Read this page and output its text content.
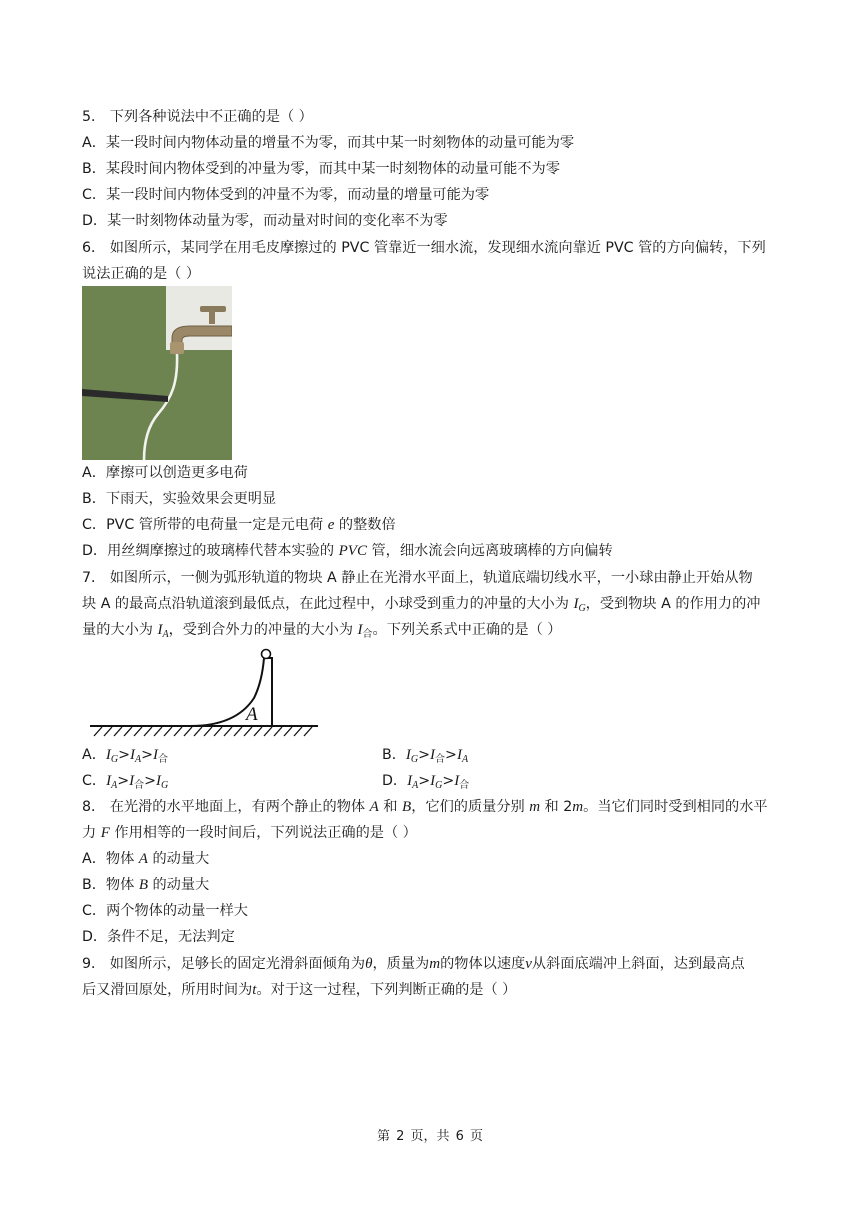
5． 下列各种说法中不正确的是（ ）
A．某一段时间内物体动量的增量不为零，而其中某一时刻物体的动量可能为零
B．某段时间内物体受到的冲量为零，而其中某一时刻物体的动量可能不为零
C．某一段时间内物体受到的冲量不为零，而动量的增量可能为零
D．某一时刻物体动量为零，而动量对时间的变化率不为零
6． 如图所示，某同学在用毛皮摩擦过的 PVC 管靠近一细水流，发现细水流向靠近 PVC 管的方向偏转，下列
说法正确的是（ ）
A．摩擦可以创造更多电荷
B．下雨天，实验效果会更明显
C．PVC 管所带的电荷量一定是元电荷 e 的整数倍
D．用丝绸摩擦过的玻璃棒代替本实验的 PVC 管，细水流会向远离玻璃棒的方向偏转
7． 如图所示，一侧为弧形轨道的物块 A 静止在光滑水平面上，轨道底端切线水平，一小球由静止开始从物
块 A 的最高点沿轨道滚到最低点，在此过程中，小球受到重力的冲量的大小为 $I_G$，受到物块 A 的作用力的冲
量的大小为 $I_A$，受到合外力的冲量的大小为 $I_合$。下列关系式中正确的是（ ）
A
A．$I_G>I_A>I_合$	B．$I_G>I_合>I_A$
C．$I_A>I_合>I_G$	D．$I_A>I_G>I_合$
8． 在光滑的水平地面上，有两个静止的物体 A 和 B，它们的质量分别 m 和 2m。当它们同时受到相同的水平
力 F 作用相等的一段时间后，下列说法正确的是（ ）
A．物体 A 的动量大
B．物体 B 的动量大
C．两个物体的动量一样大
D．条件不足，无法判定
9． 如图所示，足够长的固定光滑斜面倾角为θ，质量为m的物体以速度v从斜面底端冲上斜面，达到最高点
后又滑回原处，所用时间为t。对于这一过程，下列判断正确的是（ ）
第 2 页，共 6 页
